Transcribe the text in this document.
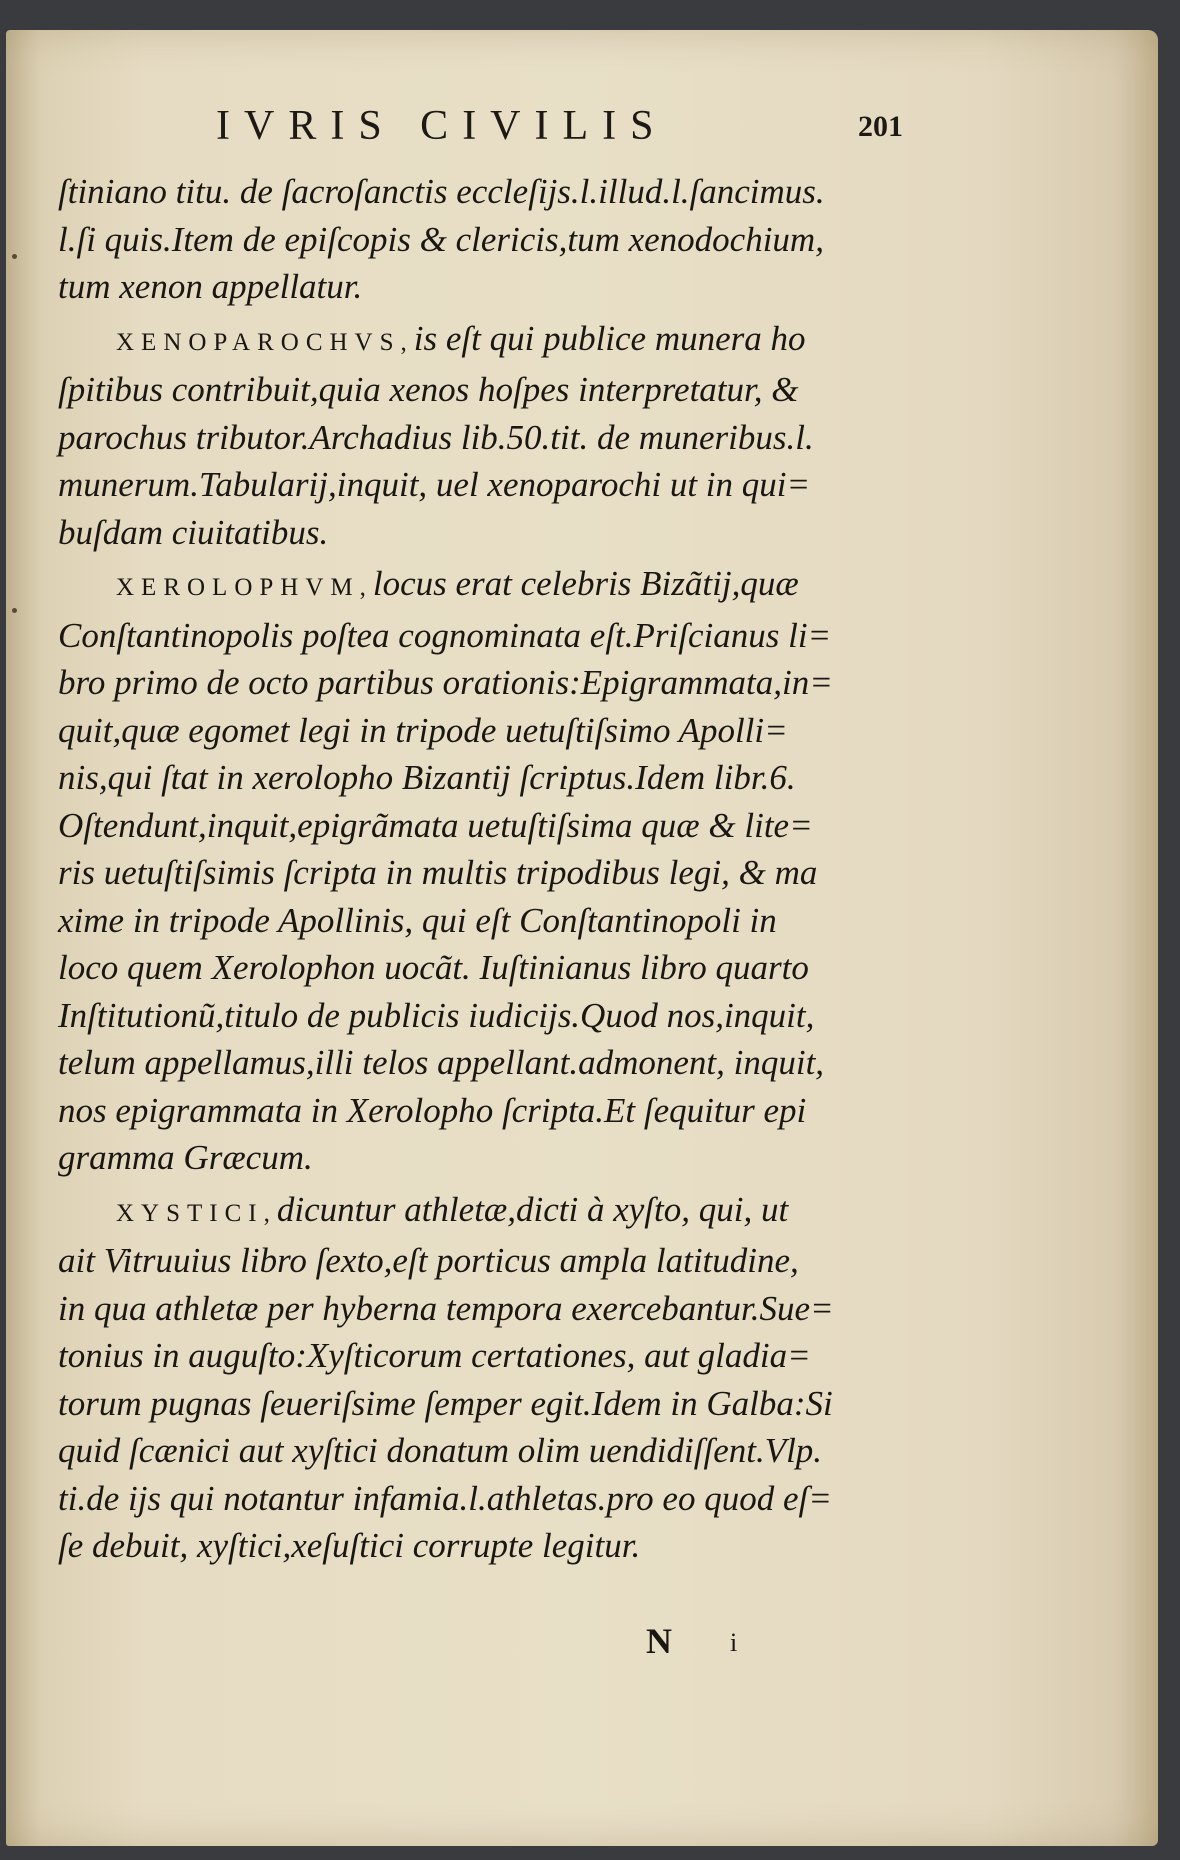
IVRIS CIVILIS	201
ſtiniano titu. de ſacroſanctis eccleſijs.l.illud.l.ſancimus.
l.ſi quis.Item de epiſcopis & clericis,tum xenodochium,
tum xenon appellatur.
XENOPAROCHVS,is eſt qui publice munera ho
ſpitibus contribuit,quia xenos hoſpes interpretatur, &
parochus tributor.Archadius lib.50.tit. de muneribus.l.
munerum.Tabularij,inquit, uel xenoparochi ut in qui=
buſdam ciuitatibus.
XEROLOPHVM,locus erat celebris Bizãtij,quæ
Conſtantinopolis poſtea cognominata eſt.Priſcianus li=
bro primo de octo partibus orationis:Epigrammata,in=
quit,quæ egomet legi in tripode uetuſtiſsimo Apolli=
nis,qui ſtat in xerolopho Bizantij ſcriptus.Idem libr.6.
Oſtendunt,inquit,epigrãmata uetuſtiſsima quæ & lite=
ris uetuſtiſsimis ſcripta in multis tripodibus legi, & ma
xime in tripode Apollinis, qui eſt Conſtantinopoli in
loco quem Xerolophon uocãt. Iuſtinianus libro quarto
Inſtitutionũ,titulo de publicis iudicijs.Quod nos,inquit,
telum appellamus,illi telos appellant.admonent, inquit,
nos epigrammata in Xerolopho ſcripta.Et ſequitur epi
gramma Græcum.
XYSTICI,dicuntur athletæ,dicti à xyſto, qui, ut
ait Vitruuius libro ſexto,eſt porticus ampla latitudine,
in qua athletæ per hyberna tempora exercebantur.Sue=
tonius in auguſto:Xyſticorum certationes, aut gladia=
torum pugnas ſeueriſsime ſemper egit.Idem in Galba:Si
quid ſcænici aut xyſtici donatum olim uendidiſſent.Vlp.
ti.de ijs qui notantur infamia.l.athletas.pro eo quod eſ=
ſe debuit, xyſtici,xeſuſtici corrupte legitur.
N i
